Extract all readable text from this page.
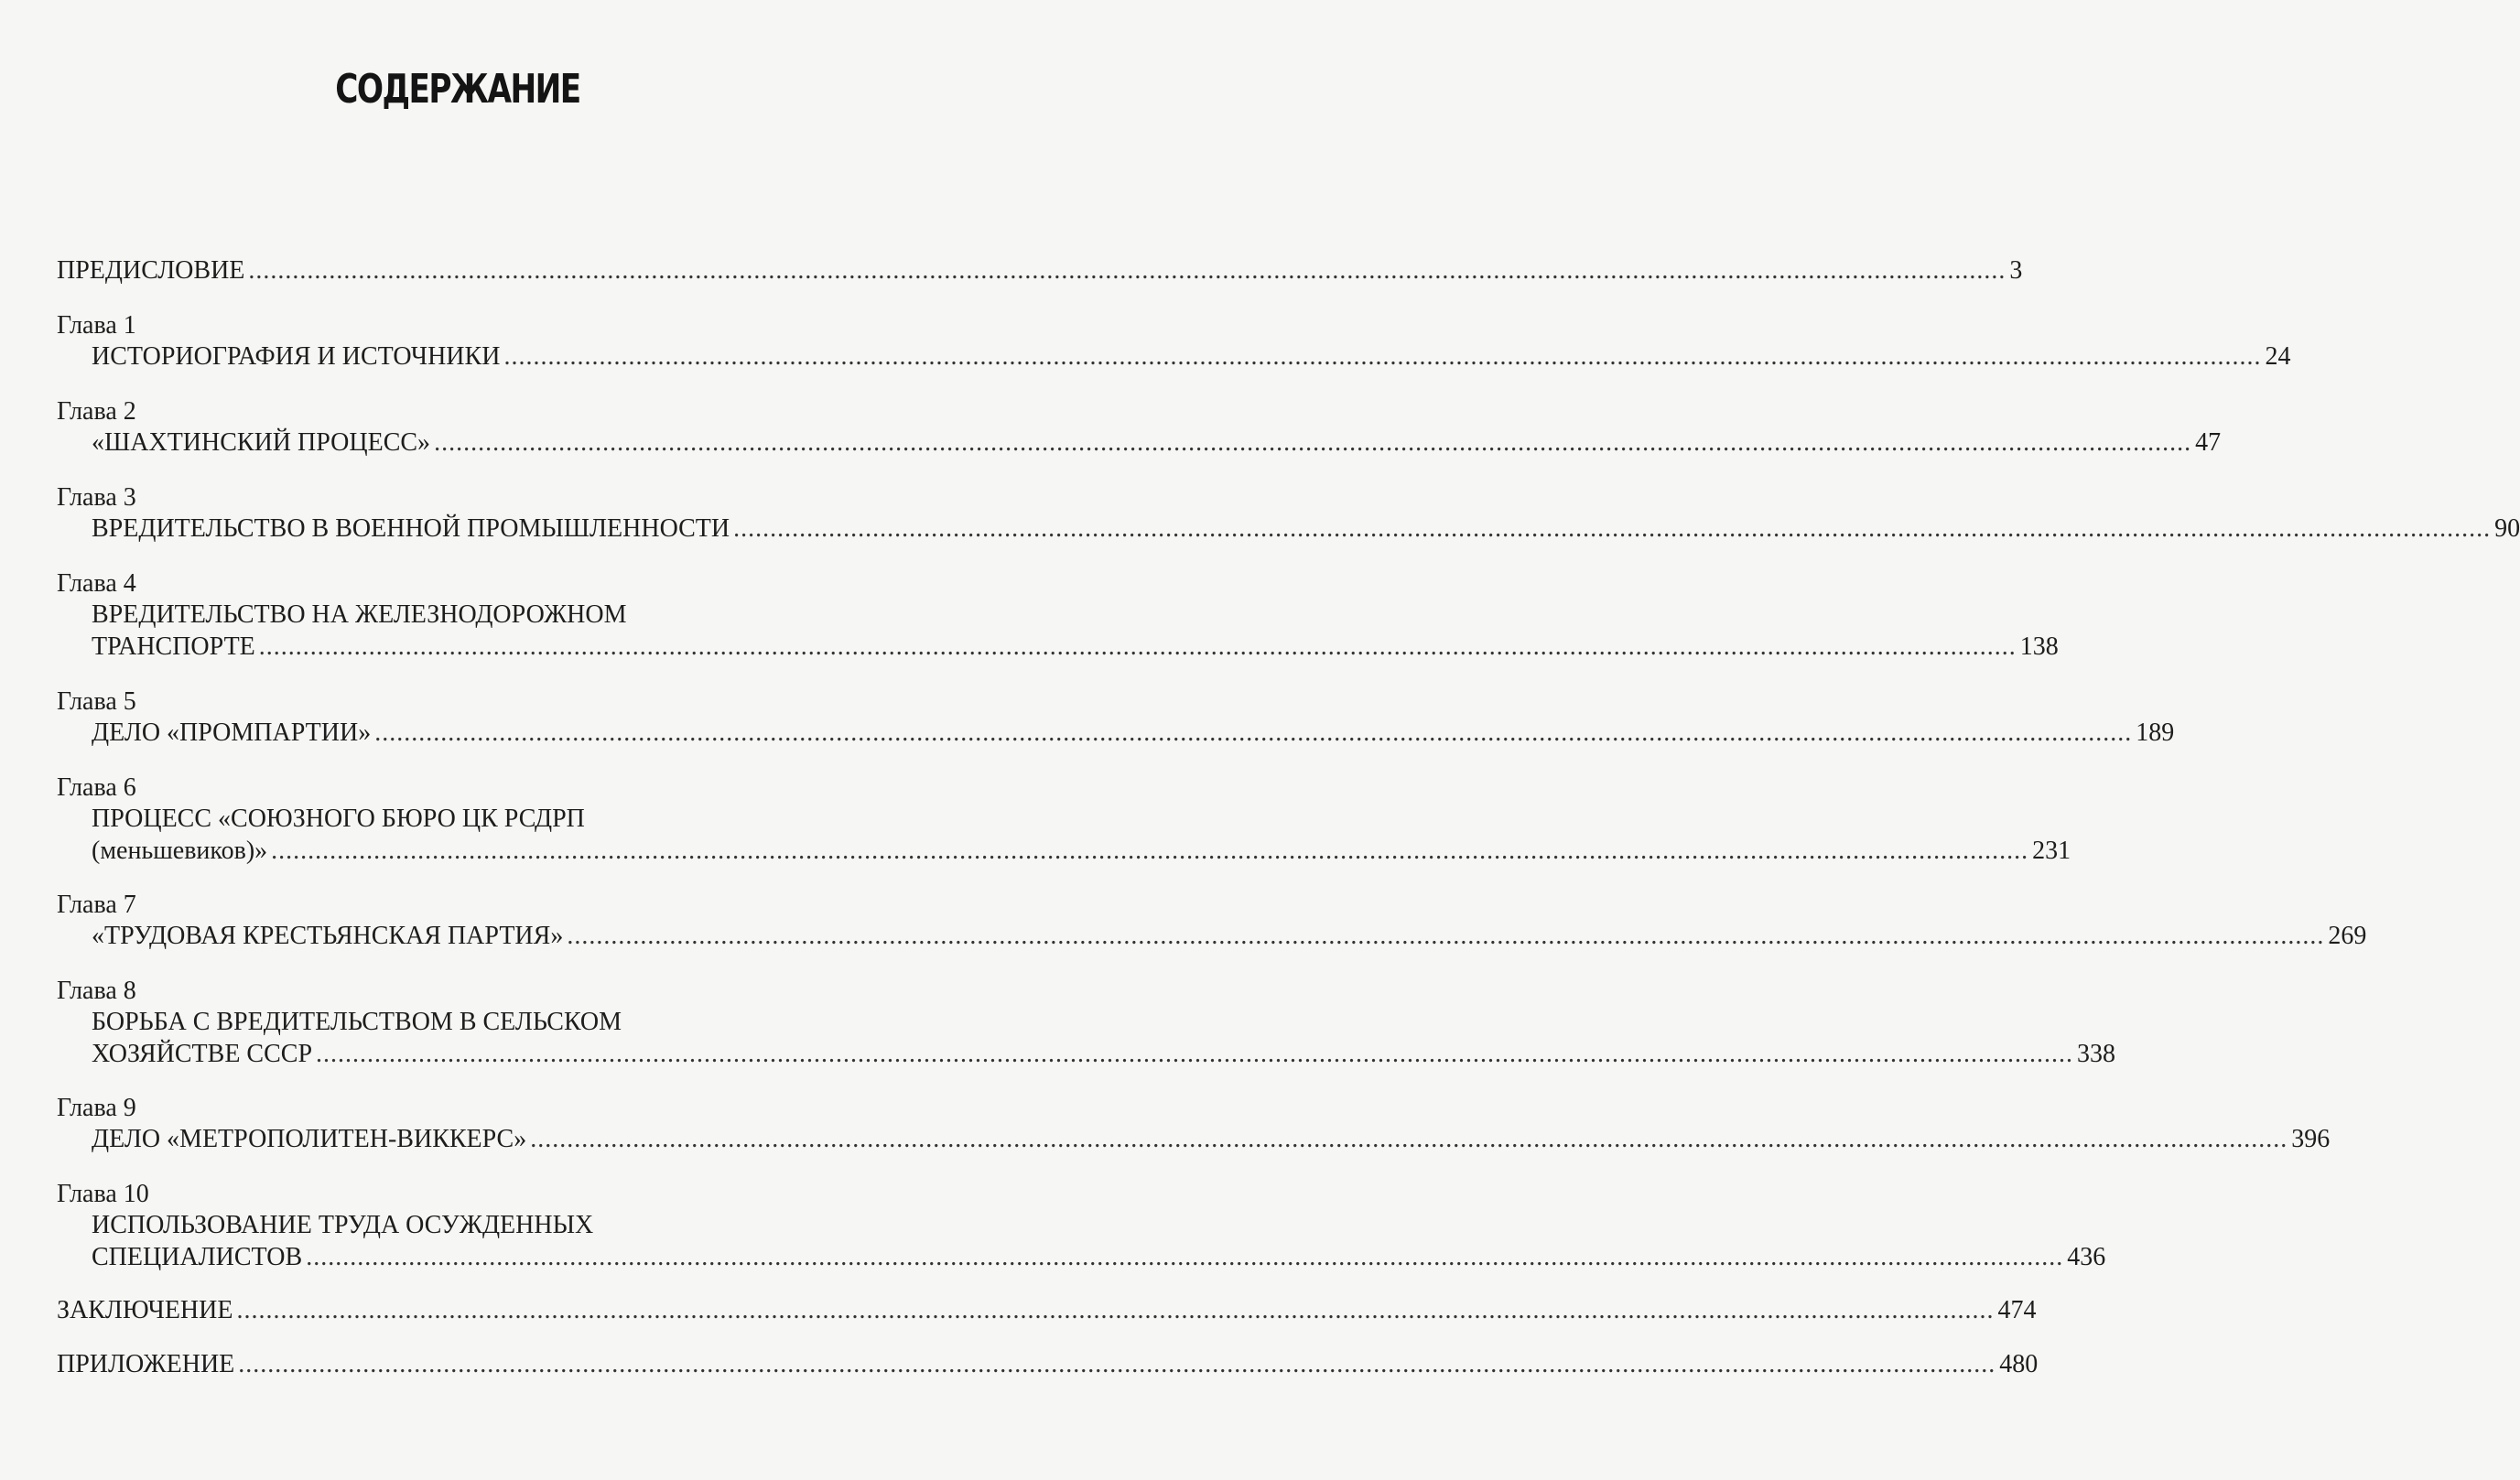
СОДЕРЖАНИЕ
ПРЕДИСЛОВИЕ ................................................................................................................................................................................................................................................ 3
Глава 1
ИСТОРИОГРАФИЯ И ИСТОЧНИКИ ................................................................................................................................................................................................................................................ 24
Глава 2
«ШАХТИНСКИЙ ПРОЦЕСС» ................................................................................................................................................................................................................................................ 47
Глава 3
ВРЕДИТЕЛЬСТВО В ВОЕННОЙ ПРОМЫШЛЕННОСТИ ................................................................................................................................................................................................................................................ 90
Глава 4
ВРЕДИТЕЛЬСТВО НА ЖЕЛЕЗНОДОРОЖНОМ
ТРАНСПОРТЕ ................................................................................................................................................................................................................................................ 138
Глава 5
ДЕЛО «ПРОМПАРТИИ» ................................................................................................................................................................................................................................................ 189
Глава 6
ПРОЦЕСС «СОЮЗНОГО БЮРО ЦК РСДРП
(меньшевиков)» ................................................................................................................................................................................................................................................ 231
Глава 7
«ТРУДОВАЯ КРЕСТЬЯНСКАЯ ПАРТИЯ» ................................................................................................................................................................................................................................................ 269
Глава 8
БОРЬБА С ВРЕДИТЕЛЬСТВОМ В СЕЛЬСКОМ
ХОЗЯЙСТВЕ СССР ................................................................................................................................................................................................................................................ 338
Глава 9
ДЕЛО «МЕТРОПОЛИТЕН-ВИККЕРС» ................................................................................................................................................................................................................................................ 396
Глава 10
ИСПОЛЬЗОВАНИЕ ТРУДА ОСУЖДЕННЫХ
СПЕЦИАЛИСТОВ ................................................................................................................................................................................................................................................ 436
ЗАКЛЮЧЕНИЕ ................................................................................................................................................................................................................................................ 474
ПРИЛОЖЕНИЕ ................................................................................................................................................................................................................................................ 480
